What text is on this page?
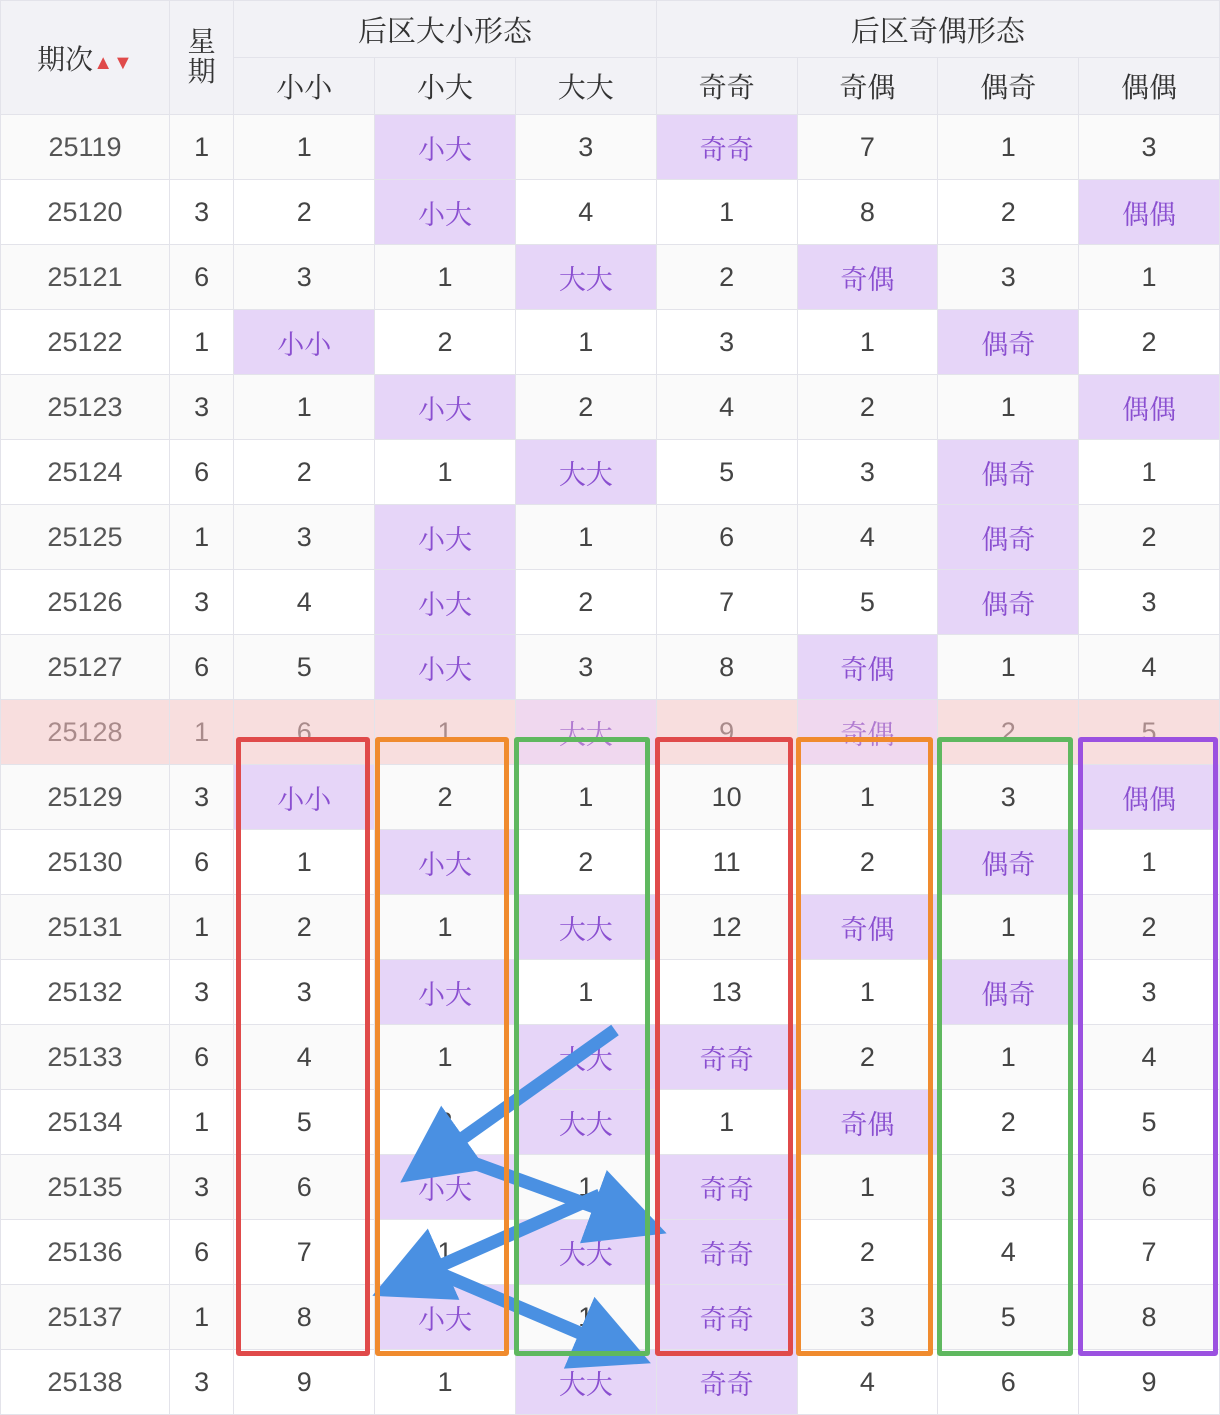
期次▲▼	星
期	后区大小形态			后区奇偶形态			
		小小	小大	大大	奇奇	奇偶	偶奇	偶偶
25119	1	1	小大	3	奇奇	7	1	3
25120	3	2	小大	4	1	8	2	偶偶
25121	6	3	1	大大	2	奇偶	3	1
25122	1	小小	2	1	3	1	偶奇	2
25123	3	1	小大	2	4	2	1	偶偶
25124	6	2	1	大大	5	3	偶奇	1
25125	1	3	小大	1	6	4	偶奇	2
25126	3	4	小大	2	7	5	偶奇	3
25127	6	5	小大	3	8	奇偶	1	4
25128	1	6	1	大大	9	奇偶	2	5
25129	3	小小	2	1	10	1	3	偶偶
25130	6	1	小大	2	11	2	偶奇	1
25131	1	2	1	大大	12	奇偶	1	2
25132	3	3	小大	1	13	1	偶奇	3
25133	6	4	1	大大	奇奇	2	1	4
25134	1	5	2	大大	1	奇偶	2	5
25135	3	6	小大	1	奇奇	1	3	6
25136	6	7	1	大大	奇奇	2	4	7
25137	1	8	小大	1	奇奇	3	5	8
25138	3	9	1	大大	奇奇	4	6	9
